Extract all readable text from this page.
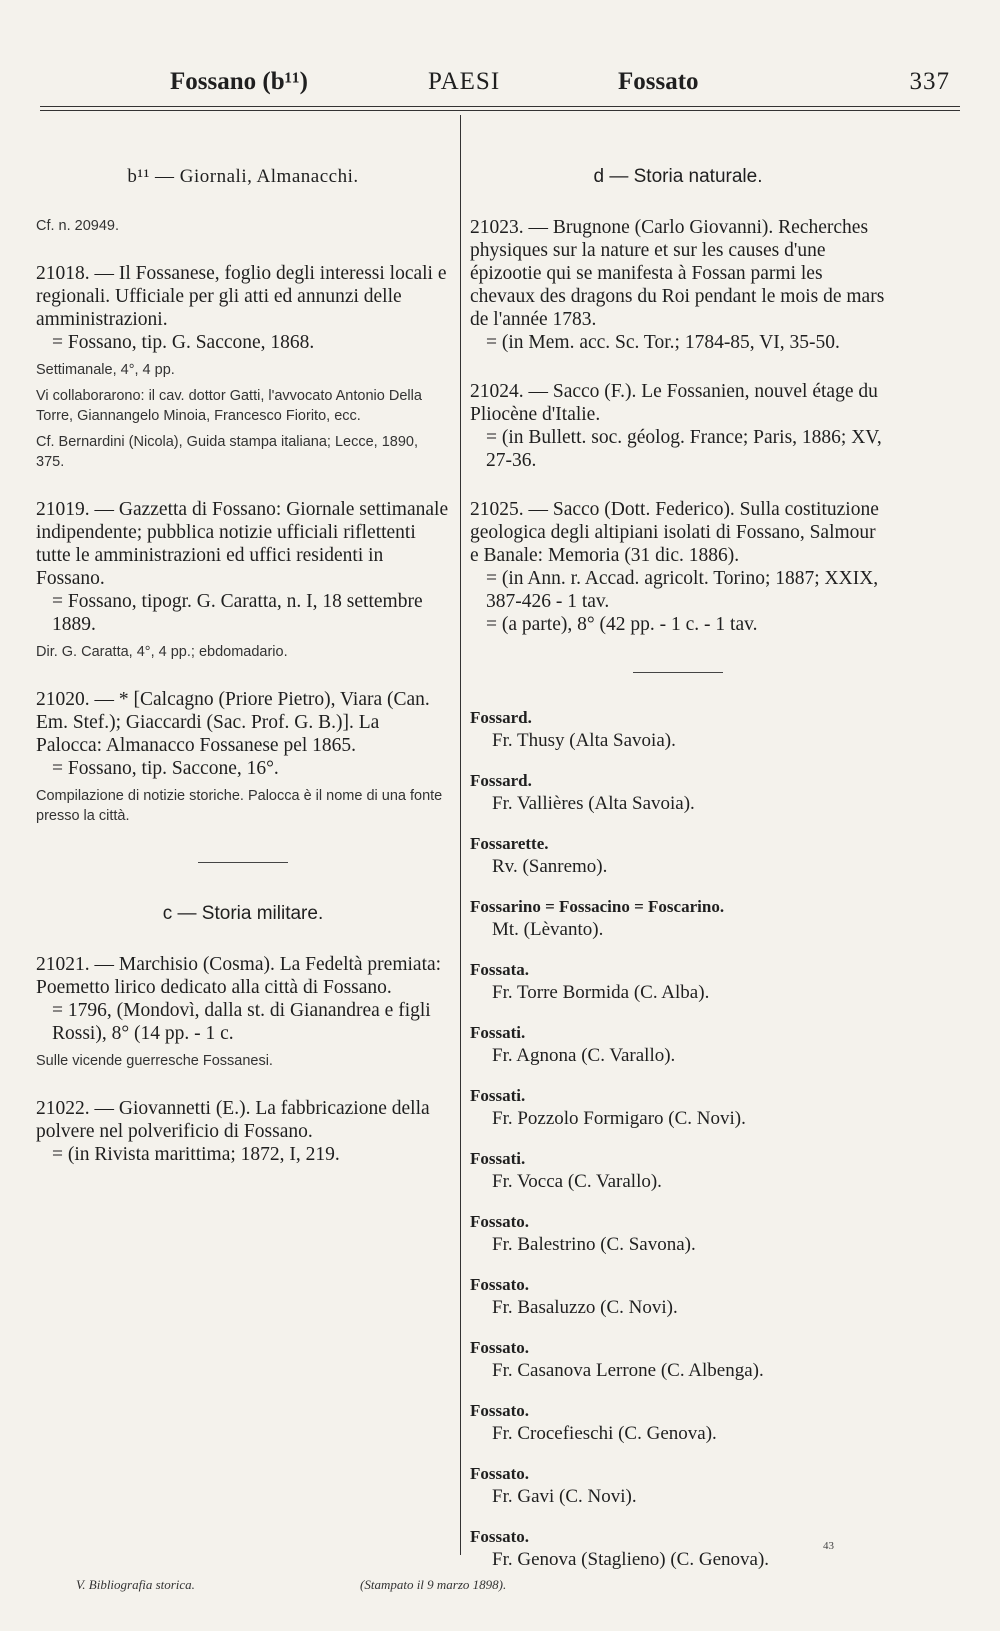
Fossano (b¹¹)	PAESI	Fossato	337
b¹¹ — Giornali, Almanacchi.

Cf. n. 20949.

21018. — Il Fossanese, foglio degli interessi locali e regionali. Ufficiale per gli atti ed annunzi delle amministrazioni.

= Fossano, tip. G. Saccone, 1868.

Settimanale, 4°, 4 pp.

Vi collaborarono: il cav. dottor Gatti, l'avvocato Antonio Della Torre, Giannangelo Minoia, Francesco Fiorito, ecc.

Cf. Bernardini (Nicola), Guida stampa italiana; Lecce, 1890, 375.

21019. — Gazzetta di Fossano: Giornale settimanale indipendente; pubblica notizie ufficiali riflettenti tutte le amministrazioni ed uffici residenti in Fossano.

= Fossano, tipogr. G. Caratta, n. I, 18 settembre 1889.

Dir. G. Caratta, 4°, 4 pp.; ebdomadario.

21020. — * [Calcagno (Priore Pietro), Viara (Can. Em. Stef.); Giaccardi (Sac. Prof. G. B.)]. La Palocca: Almanacco Fossanese pel 1865.

= Fossano, tip. Saccone, 16°.

Compilazione di notizie storiche. Palocca è il nome di una fonte presso la città.

c — Storia militare.

21021. — Marchisio (Cosma). La Fedeltà premiata: Poemetto lirico dedicato alla città di Fossano.

= 1796, (Mondovì, dalla st. di Gianandrea e figli Rossi), 8° (14 pp. - 1 c.

Sulle vicende guerresche Fossanesi.

21022. — Giovannetti (E.). La fabbricazione della polvere nel polverificio di Fossano.

= (in Rivista marittima; 1872, I, 219.

d — Storia naturale.

21023. — Brugnone (Carlo Giovanni). Recherches physiques sur la nature et sur les causes d'une épizootie qui se manifesta à Fossan parmi les chevaux des dragons du Roi pendant le mois de mars de l'année 1783.

= (in Mem. acc. Sc. Tor.; 1784-85, VI, 35-50.

21024. — Sacco (F.). Le Fossanien, nouvel étage du Pliocène d'Italie.

= (in Bullett. soc. géolog. France; Paris, 1886; XV, 27-36.

21025. — Sacco (Dott. Federico). Sulla costituzione geologica degli altipiani isolati di Fossano, Salmour e Banale: Memoria (31 dic. 1886).

= (in Ann. r. Accad. agricolt. Torino; 1887; XXIX, 387-426 - 1 tav.

= (a parte), 8° (42 pp. - 1 c. - 1 tav.

Fossard.
Fr. Thusy (Alta Savoia).
Fossard.
Fr. Vallières (Alta Savoia).
Fossarette.
Rv. (Sanremo).
Fossarino = Fossacino = Foscarino.
Mt. (Lèvanto).
Fossata.
Fr. Torre Bormida (C. Alba).
Fossati.
Fr. Agnona (C. Varallo).
Fossati.
Fr. Pozzolo Formigaro (C. Novi).
Fossati.
Fr. Vocca (C. Varallo).
Fossato.
Fr. Balestrino (C. Savona).
Fossato.
Fr. Basaluzzo (C. Novi).
Fossato.
Fr. Casanova Lerrone (C. Albenga).
Fossato.
Fr. Crocefieschi (C. Genova).
Fossato.
Fr. Gavi (C. Novi).
Fossato.
Fr. Genova (Staglieno) (C. Genova).
43
V. Bibliografia storica.	(Stampato il 9 marzo 1898).
